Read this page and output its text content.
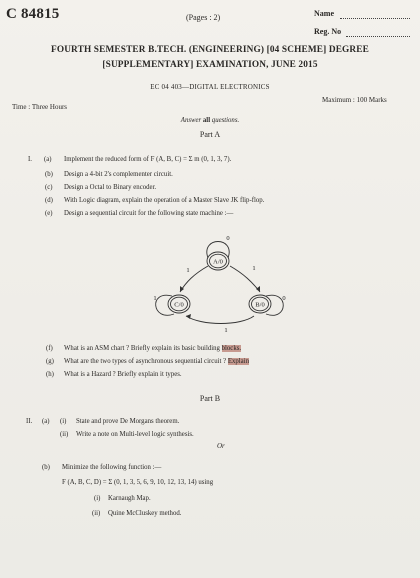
C 84815	(Pages : 2)	Name
Reg. No
FOURTH SEMESTER B.TECH. (ENGINEERING) [04 SCHEME] DEGREE
[SUPPLEMENTARY] EXAMINATION, JUNE 2015
EC 04 403—DIGITAL ELECTRONICS
Time : Three Hours
Maximum : 100 Marks
Answer all questions.
Part A
I. (a) Implement the reduced form of F (A, B, C) = Σ m (0, 1, 3, 7).
(b) Design a 4-bit 2's complementer circuit.
(c) Design a Octal to Binary encoder.
(d) With Logic diagram, explain the operation of a Master Slave JK flip-flop.
(e) Design a sequential circuit for the following state machine :—
A/0
C/0	B/0
0
1	0
1	1
1
(f) What is an ASM chart ? Briefly explain its basic building blocks.
(g) What are the two types of asynchronous sequential circuit ? Explain
(h) What is a Hazard ? Briefly explain it types.
Part B
II. (a) (i) State and prove De Morgans theorem.
(ii) Write a note on Multi-level logic synthesis.
Or
(b) Minimize the following function :—
F (A, B, C, D) = Σ (0, 1, 3, 5, 6, 9, 10, 12, 13, 14) using
(i) Karnaugh Map.
(ii) Quine McCluskey method.
